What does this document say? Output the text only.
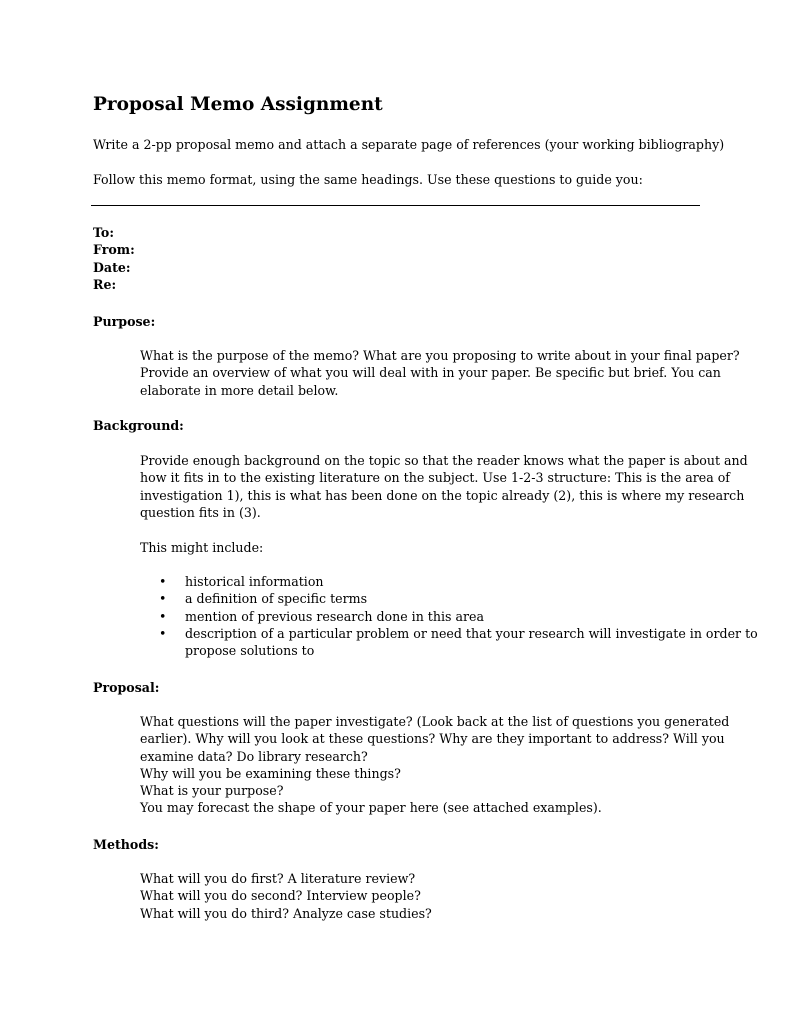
Proposal Memo Assignment

Write a 2-pp proposal memo and attach a separate page of references (your working bibliography)

Follow this memo format, using the same headings. Use these questions to guide you:

To:
From:
Date:
Re:

Purpose:

What is the purpose of the memo? What are you proposing to write about in your final paper?
Provide an overview of what you will deal with in your paper. Be specific but brief. You can
elaborate in more detail below.

Background:

Provide enough background on the topic so that the reader knows what the paper is about and
how it fits in to the existing literature on the subject. Use 1-2-3 structure: This is the area of
investigation 1), this is what has been done on the topic already (2), this is where my research
question fits in (3).
This might include:
• historical information
• a definition of specific terms
• mention of previous research done in this area
• description of a particular problem or need that your research will investigate in order to
propose solutions to

Proposal:

What questions will the paper investigate? (Look back at the list of questions you generated
earlier). Why will you look at these questions? Why are they important to address? Will you
examine data? Do library research?
Why will you be examining these things?
What is your purpose?
You may forecast the shape of your paper here (see attached examples).

Methods:

What will you do first? A literature review?
What will you do second? Interview people?
What will you do third? Analyze case studies?
